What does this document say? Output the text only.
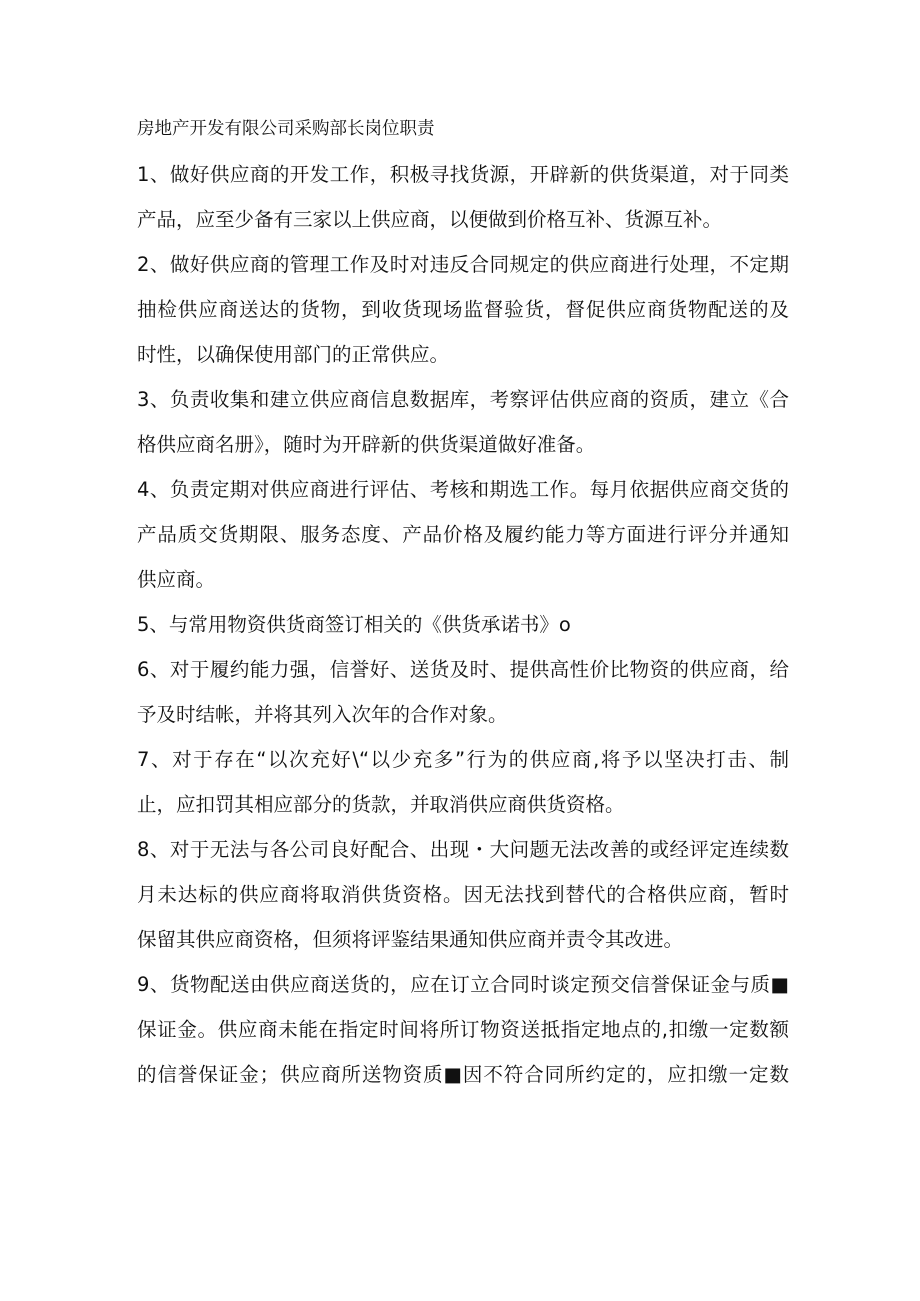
房地产开发有限公司采购部长岗位职责

1、做好供应商的开发工作，积极寻找货源，开辟新的供货渠道，对于同类
产品，应至少备有三家以上供应商，以便做到价格互补、货源互补。

2、做好供应商的管理工作及时对违反合同规定的供应商进行处理，不定期
抽检供应商送达的货物，到收货现场监督验货，督促供应商货物配送的及
时性，以确保使用部门的正常供应。

3、负责收集和建立供应商信息数据库，考察评估供应商的资质，建立《合
格供应商名册》，随时为开辟新的供货渠道做好准备。

4、负责定期对供应商进行评估、考核和期选工作。每月依据供应商交货的
产品质交货期限、服务态度、产品价格及履约能力等方面进行评分并通知
供应商。

5、与常用物资供货商签订相关的《供货承诺书》o

6、对于履约能力强，信誉好、送货及时、提供高性价比物资的供应商，给
予及时结帐，并将其列入次年的合作对象。

7、对于存在“以次充好\“以少充多”行为的供应商,将予以坚决打击、制
止，应扣罚其相应部分的货款，并取消供应商供货资格。

8、对于无法与各公司良好配合、出现・大问题无法改善的或经评定连续数
月未达标的供应商将取消供货资格。因无法找到替代的合格供应商，暂时
保留其供应商资格，但须将评鉴结果通知供应商并责令其改进。

9、货物配送由供应商送货的，应在订立合同时谈定预交信誉保证金与质■
保证金。供应商未能在指定时间将所订物资送抵指定地点的,扣缴一定数额
的信誉保证金；供应商所送物资质■因不符合同所约定的，应扣缴一定数
